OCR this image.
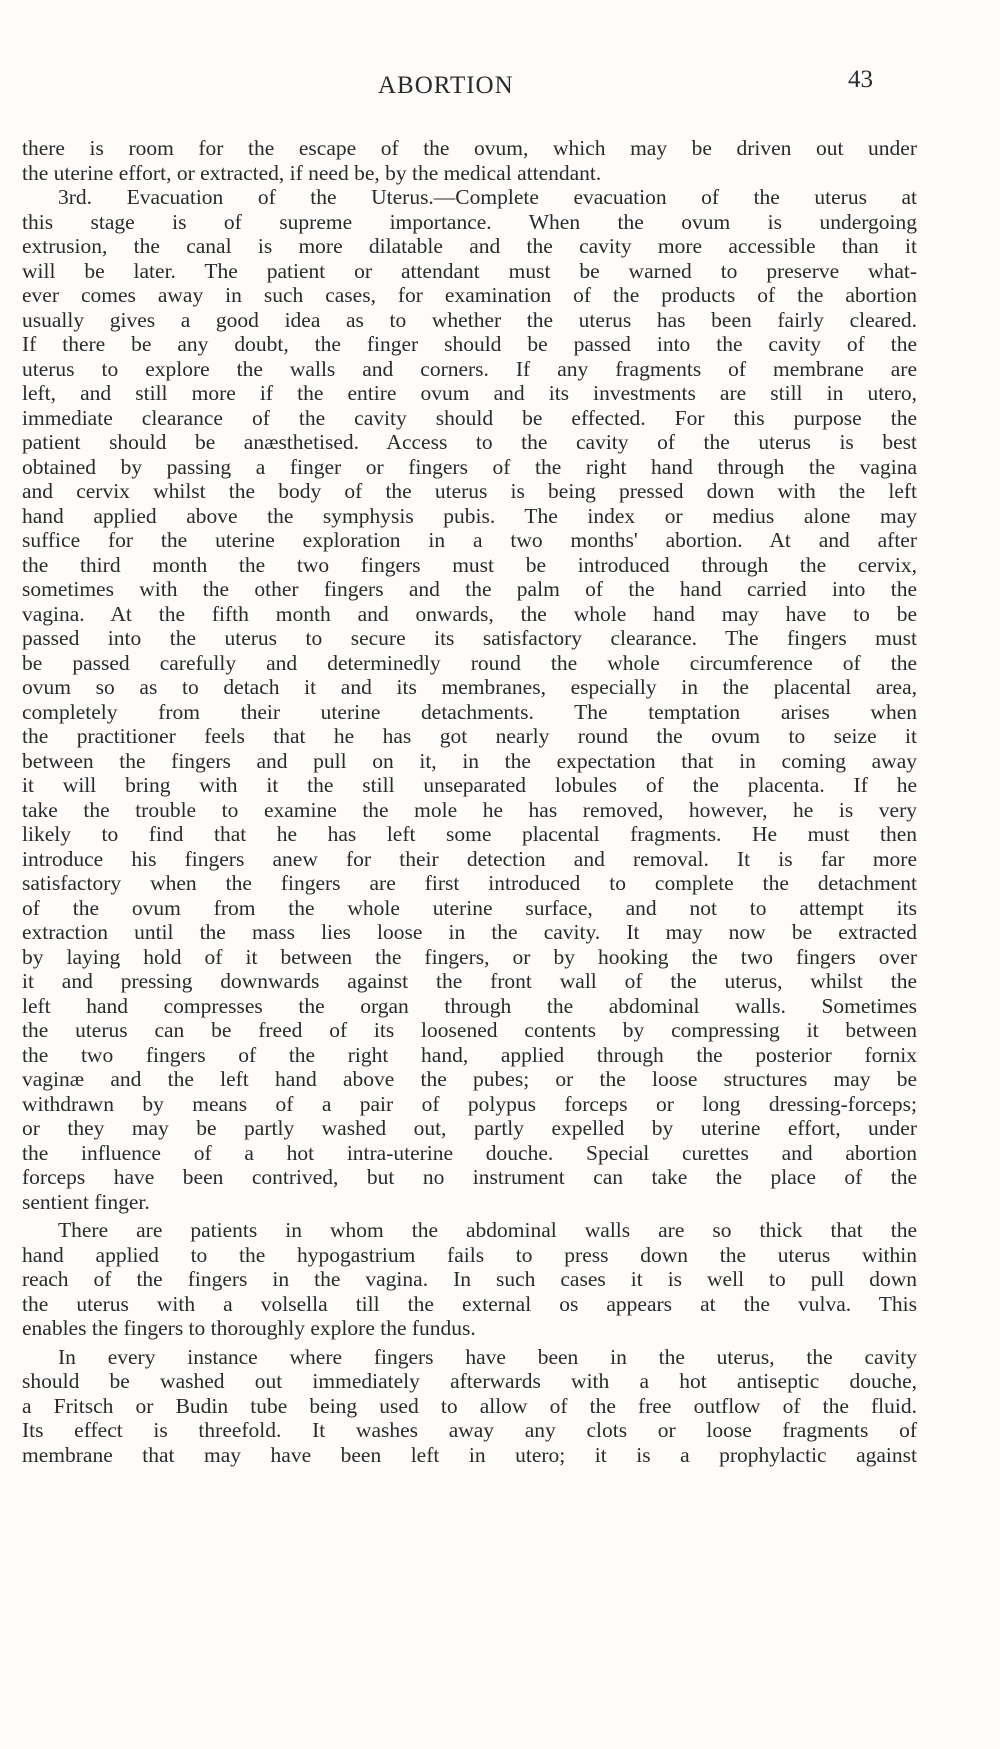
ABORTION	43
there is room for the escape of the ovum, which may be driven out under
the uterine effort, or extracted, if need be, by the medical attendant.
3rd. Evacuation of the Uterus.—Complete evacuation of the uterus at
this stage is of supreme importance. When the ovum is undergoing
extrusion, the canal is more dilatable and the cavity more accessible than it
will be later. The patient or attendant must be warned to preserve what-
ever comes away in such cases, for examination of the products of the abortion
usually gives a good idea as to whether the uterus has been fairly cleared.
If there be any doubt, the finger should be passed into the cavity of the
uterus to explore the walls and corners. If any fragments of membrane are
left, and still more if the entire ovum and its investments are still in utero,
immediate clearance of the cavity should be effected. For this purpose the
patient should be anæsthetised. Access to the cavity of the uterus is best
obtained by passing a finger or fingers of the right hand through the vagina
and cervix whilst the body of the uterus is being pressed down with the left
hand applied above the symphysis pubis. The index or medius alone may
suffice for the uterine exploration in a two months' abortion. At and after
the third month the two fingers must be introduced through the cervix,
sometimes with the other fingers and the palm of the hand carried into the
vagina. At the fifth month and onwards, the whole hand may have to be
passed into the uterus to secure its satisfactory clearance. The fingers must
be passed carefully and determinedly round the whole circumference of the
ovum so as to detach it and its membranes, especially in the placental area,
completely from their uterine detachments. The temptation arises when
the practitioner feels that he has got nearly round the ovum to seize it
between the fingers and pull on it, in the expectation that in coming away
it will bring with it the still unseparated lobules of the placenta. If he
take the trouble to examine the mole he has removed, however, he is very
likely to find that he has left some placental fragments. He must then
introduce his fingers anew for their detection and removal. It is far more
satisfactory when the fingers are first introduced to complete the detachment
of the ovum from the whole uterine surface, and not to attempt its
extraction until the mass lies loose in the cavity. It may now be extracted
by laying hold of it between the fingers, or by hooking the two fingers over
it and pressing downwards against the front wall of the uterus, whilst the
left hand compresses the organ through the abdominal walls. Sometimes
the uterus can be freed of its loosened contents by compressing it between
the two fingers of the right hand, applied through the posterior fornix
vaginæ and the left hand above the pubes; or the loose structures may be
withdrawn by means of a pair of polypus forceps or long dressing-forceps;
or they may be partly washed out, partly expelled by uterine effort, under
the influence of a hot intra-uterine douche. Special curettes and abortion
forceps have been contrived, but no instrument can take the place of the
sentient finger.
There are patients in whom the abdominal walls are so thick that the
hand applied to the hypogastrium fails to press down the uterus within
reach of the fingers in the vagina. In such cases it is well to pull down
the uterus with a volsella till the external os appears at the vulva. This
enables the fingers to thoroughly explore the fundus.
In every instance where fingers have been in the uterus, the cavity
should be washed out immediately afterwards with a hot antiseptic douche,
a Fritsch or Budin tube being used to allow of the free outflow of the fluid.
Its effect is threefold. It washes away any clots or loose fragments of
membrane that may have been left in utero; it is a prophylactic against
